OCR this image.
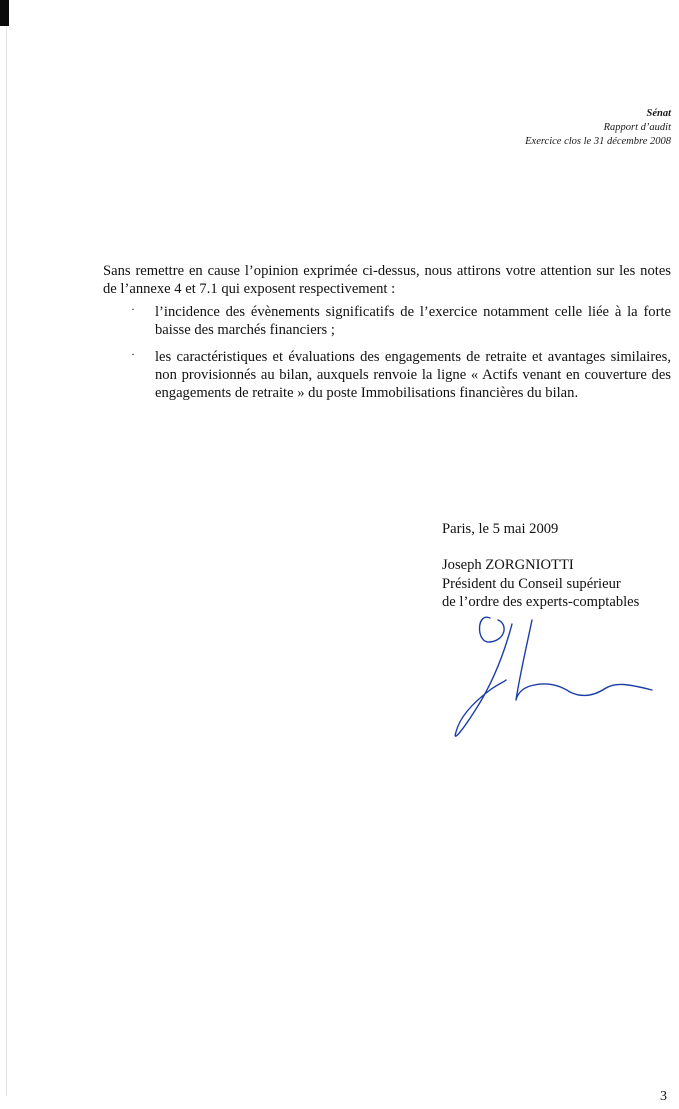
Sénat
Rapport d’audit
Exercice clos le 31 décembre 2008

Sans remettre en cause l’opinion exprimée ci-dessus, nous attirons votre attention sur les notes de l’annexe 4 et 7.1 qui exposent respectivement :

· l’incidence des évènements significatifs de l’exercice notamment celle liée à la forte baisse des marchés financiers ;
· les caractéristiques et évaluations des engagements de retraite et avantages similaires, non provisionnés au bilan, auxquels renvoie la ligne « Actifs venant en couverture des engagements de retraite » du poste Immobilisations financières du bilan.

Paris, le 5 mai 2009

Joseph ZORGNIOTTI

Président du Conseil supérieur

de l’ordre des experts-comptables

3
